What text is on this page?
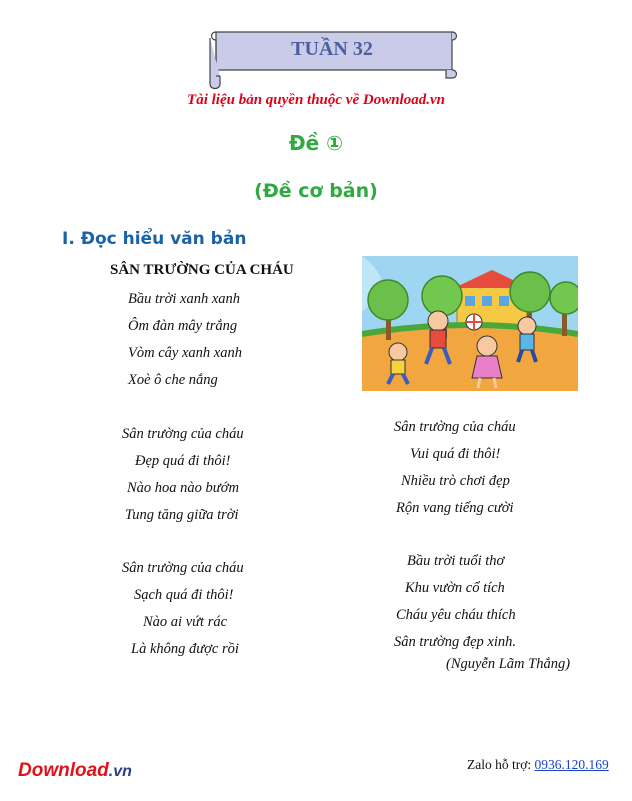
TUẦN 32
Tài liệu bản quyền thuộc về Download.vn
Đề ①
(Đề cơ bản)
I. Đọc hiểu văn bản
SÂN TRƯỜNG CỦA CHÁU
Bầu trời xanh xanh
Ôm đàn mây trắng
Vòm cây xanh xanh
Xoè ô che nắng
Sân trường của cháu
Đẹp quá đi thôi!
Nào hoa nào bướm
Tung tăng giữa trời
Sân trường của cháu
Sạch quá đi thôi!
Nào ai vứt rác
Là không được rồi
Sân trường của cháu
Vui quá đi thôi!
Nhiều trò chơi đẹp
Rộn vang tiếng cười
Bầu trời tuổi thơ
Khu vườn cổ tích
Cháu yêu cháu thích
Sân trường đẹp xinh.
(Nguyễn Lãm Thắng)
Download.vn	Zalo hỗ trợ: 0936.120.169
